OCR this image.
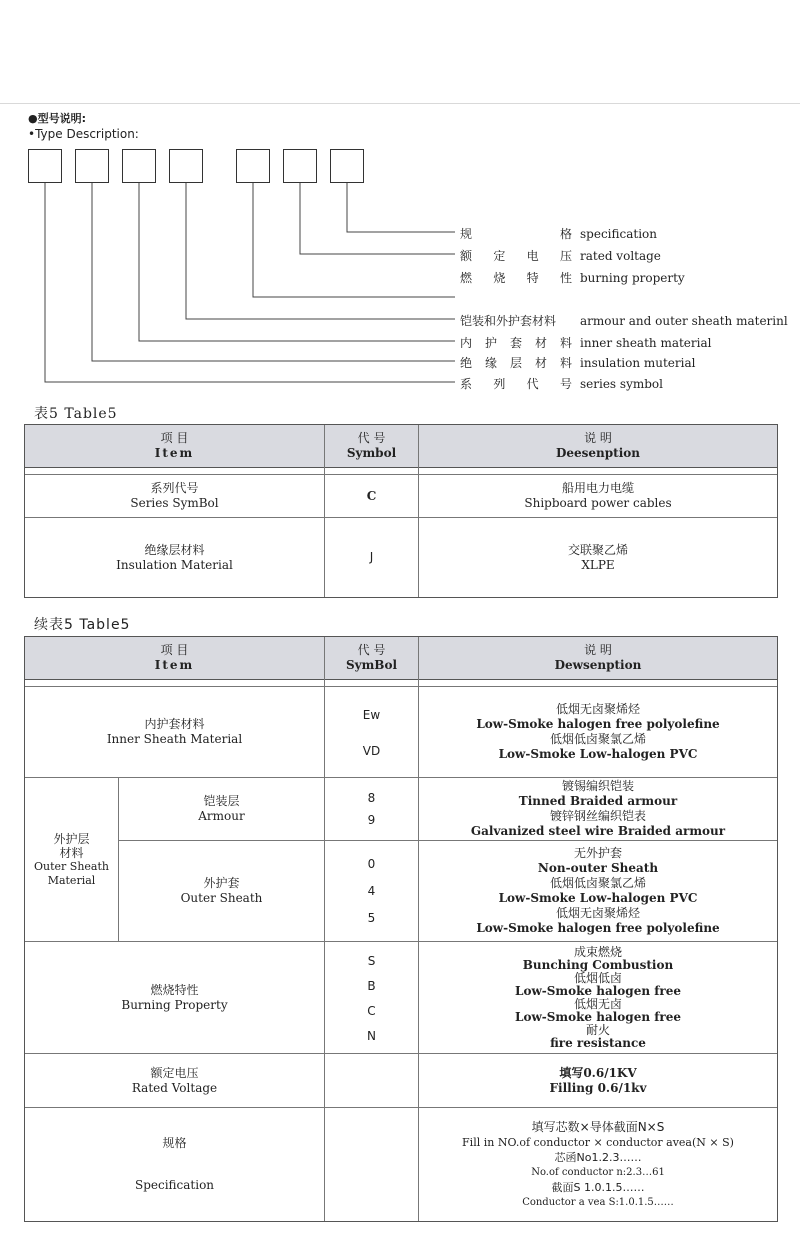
●型号说明:
•Type Description:
规　格 specification
额 定 电 压 rated voltage
燃 烧 特 性 burning property
铠装和外护套材料 armour and outer sheath materinl
内 护 套 材 料 inner sheath material
绝 缘 层 材 料 insulation muterial
系 列 代 号 series symbol
表5 Table5
项 目
Item
代 号
Symbol
说 明
Deesenption
系列代号
Series SymBol
C
船用电力电缆
Shipboard power cables
绝缘层材料
Insulation Material
J
交联聚乙烯
XLPE
续表5 Table5
项 目
Item
代 号
SymBol
说 明
Dewsenption
内护套材料
Inner Sheath Material
Ew
VD
低烟无卤聚烯烃
Low-Smoke halogen free polyolefine
低烟低卤聚氯乙烯
Low-Smoke Low-halogen PVC
外护层
材料
Outer Sheath
Material
铠装层
Armour
8
9
镀锡编织铠装
Tinned Braided armour
镀锌钢丝编织铠表
Galvanized steel wire Braided armour
外护套
Outer Sheath
0
4
5
无外护套
Non-outer Sheath
低烟低卤聚氯乙烯
Low-Smoke Low-halogen PVC
低烟无卤聚烯烃
Low-Smoke halogen free polyolefine
燃烧特性
Burning Property
S
B
C
N
成束燃烧
Bunching Combustion
低烟低卤
Low-Smoke halogen free
低烟无卤
Low-Smoke halogen free
耐火
fire resistance
额定电压
Rated Voltage
填写0.6/1KV
Filling 0.6/1kv
规格
Specification
填写芯数×导体截面N×S
Fill in NO.of conductor × conductor avea(N × S)
芯函No1.2.3……
No.of conductor n:2.3…61
截面S 1.0.1.5……
Conductor a vea S:1.0.1.5……
